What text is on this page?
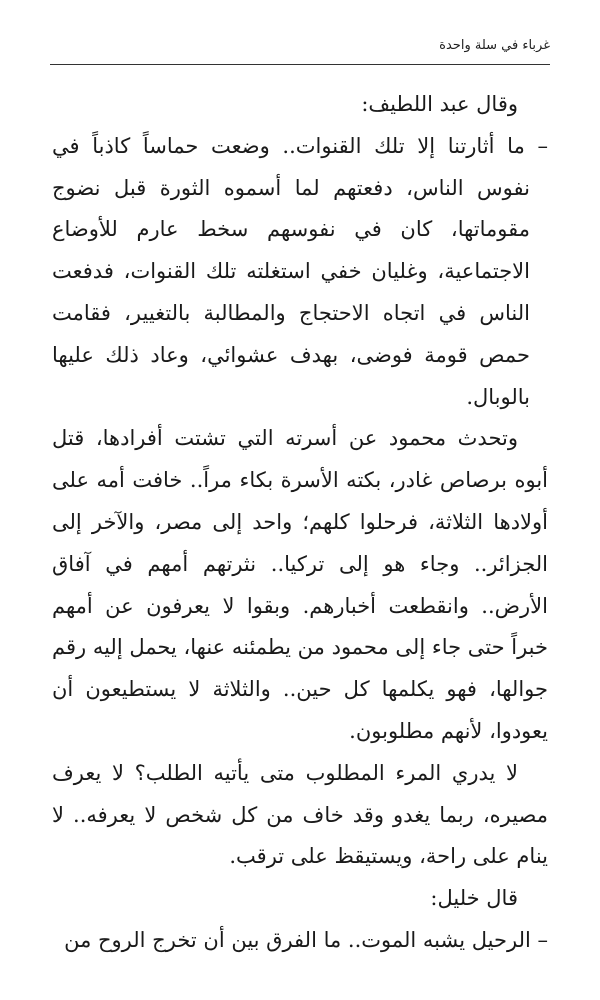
غرباء في سلة واحدة

وقال عبد اللطيف:

– ما أثارتنا إلا تلك القنوات.. وضعت حماساً كاذباً في نفوس الناس، دفعتهم لما أسموه الثورة قبل نضوج مقوماتها، كان في نفوسهم سخط عارم للأوضاع الاجتماعية، وغليان خفي استغلته تلك القنوات، فدفعت الناس في اتجاه الاحتجاج والمطالبة بالتغيير، فقامت حمص قومة فوضى، بهدف عشوائي، وعاد ذلك عليها بالوبال.

وتحدث محمود عن أسرته التي تشتت أفرادها، قتل أبوه برصاص غادر، بكته الأسرة بكاء مراً.. خافت أمه على أولادها الثلاثة، فرحلوا كلهم؛ واحد إلى مصر، والآخر إلى الجزائر.. وجاء هو إلى تركيا.. نثرتهم أمهم في آفاق الأرض.. وانقطعت أخبارهم. وبقوا لا يعرفون عن أمهم خبراً حتى جاء إلى محمود من يطمئنه عنها، يحمل إليه رقم جوالها، فهو يكلمها كل حين.. والثلاثة لا يستطيعون أن يعودوا، لأنهم مطلوبون.

لا يدري المرء المطلوب متى يأتيه الطلب؟ لا يعرف مصيره، ربما يغدو وقد خاف من كل شخص لا يعرفه.. لا ينام على راحة، ويستيقظ على ترقب.

قال خليل:

– الرحيل يشبه الموت.. ما الفرق بين أن تخرج الروح من
